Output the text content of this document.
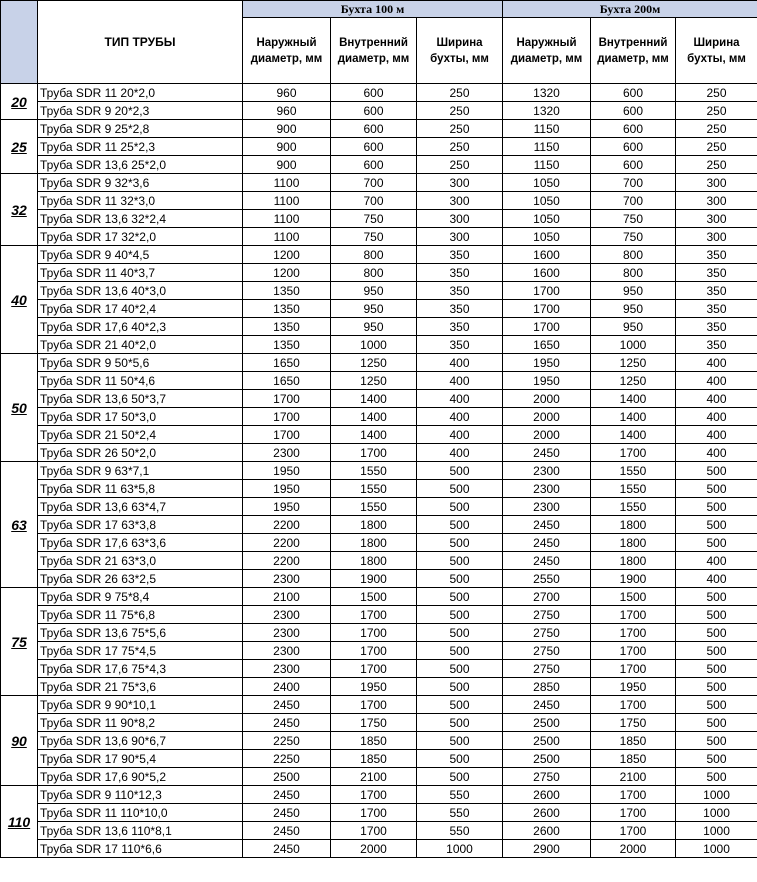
	ТИП ТРУБЫ	Бухта 100 м			Бухта 200м		
		Наружный диаметр, мм	Внутренний диаметр, мм	Ширина бухты, мм	Наружный диаметр, мм	Внутренний диаметр, мм	Ширина бухты, мм
20	Труба SDR 11 20*2,0	960	600	250	1320	600	250
	Труба SDR 9 20*2,3	960	600	250	1320	600	250
25	Труба SDR 9 25*2,8	900	600	250	1150	600	250
	Труба SDR 11 25*2,3	900	600	250	1150	600	250
	Труба SDR 13,6 25*2,0	900	600	250	1150	600	250
32	Труба SDR 9 32*3,6	1100	700	300	1050	700	300
	Труба SDR 11 32*3,0	1100	700	300	1050	700	300
	Труба SDR 13,6 32*2,4	1100	750	300	1050	750	300
	Труба SDR 17 32*2,0	1100	750	300	1050	750	300
40	Труба SDR 9 40*4,5	1200	800	350	1600	800	350
	Труба SDR 11 40*3,7	1200	800	350	1600	800	350
	Труба SDR 13,6 40*3,0	1350	950	350	1700	950	350
	Труба SDR 17 40*2,4	1350	950	350	1700	950	350
	Труба SDR 17,6 40*2,3	1350	950	350	1700	950	350
	Труба SDR 21 40*2,0	1350	1000	350	1650	1000	350
50	Труба SDR 9 50*5,6	1650	1250	400	1950	1250	400
	Труба SDR 11 50*4,6	1650	1250	400	1950	1250	400
	Труба SDR 13,6 50*3,7	1700	1400	400	2000	1400	400
	Труба SDR 17 50*3,0	1700	1400	400	2000	1400	400
	Труба SDR 21 50*2,4	1700	1400	400	2000	1400	400
	Труба SDR 26 50*2,0	2300	1700	400	2450	1700	400
63	Труба SDR 9 63*7,1	1950	1550	500	2300	1550	500
	Труба SDR 11 63*5,8	1950	1550	500	2300	1550	500
	Труба SDR 13,6 63*4,7	1950	1550	500	2300	1550	500
	Труба SDR 17 63*3,8	2200	1800	500	2450	1800	500
	Труба SDR 17,6 63*3,6	2200	1800	500	2450	1800	500
	Труба SDR 21 63*3,0	2200	1800	500	2450	1800	400
	Труба SDR 26 63*2,5	2300	1900	500	2550	1900	400
75	Труба SDR 9 75*8,4	2100	1500	500	2700	1500	500
	Труба SDR 11 75*6,8	2300	1700	500	2750	1700	500
	Труба SDR 13,6 75*5,6	2300	1700	500	2750	1700	500
	Труба SDR 17 75*4,5	2300	1700	500	2750	1700	500
	Труба SDR 17,6 75*4,3	2300	1700	500	2750	1700	500
	Труба SDR 21 75*3,6	2400	1950	500	2850	1950	500
90	Труба SDR 9 90*10,1	2450	1700	500	2450	1700	500
	Труба SDR 11 90*8,2	2450	1750	500	2500	1750	500
	Труба SDR 13,6 90*6,7	2250	1850	500	2500	1850	500
	Труба SDR 17 90*5,4	2250	1850	500	2500	1850	500
	Труба SDR 17,6 90*5,2	2500	2100	500	2750	2100	500
110	Труба SDR 9 110*12,3	2450	1700	550	2600	1700	1000
	Труба SDR 11 110*10,0	2450	1700	550	2600	1700	1000
	Труба SDR 13,6 110*8,1	2450	1700	550	2600	1700	1000
	Труба SDR 17 110*6,6	2450	2000	1000	2900	2000	1000
